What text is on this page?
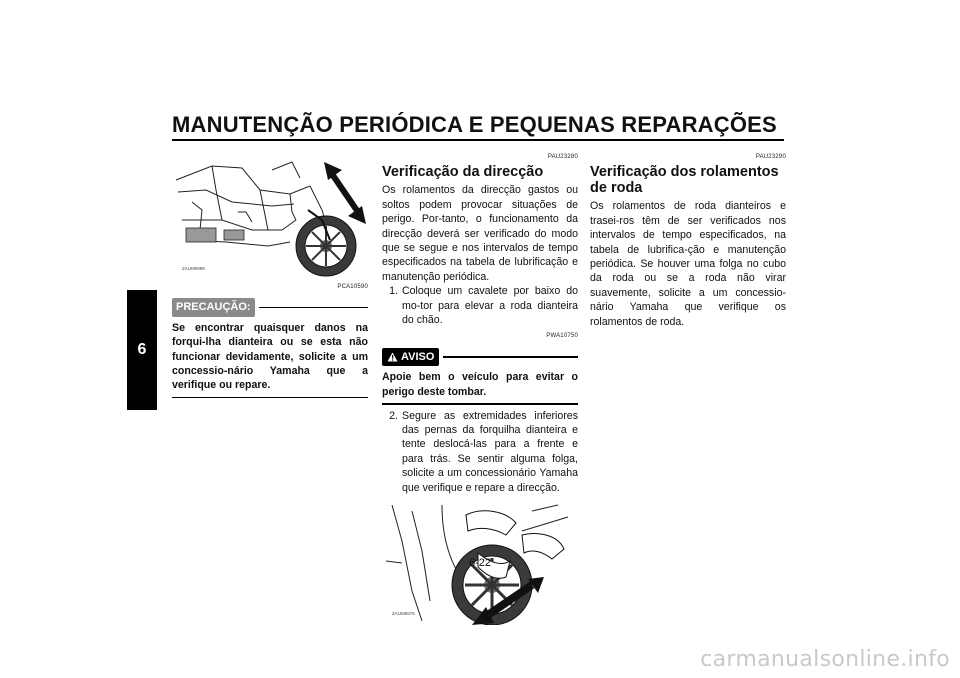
MANUTENÇÃO PERIÓDICA E PEQUENAS REPARAÇÕES
6
ZAUM0999
PCA10590
PRECAUÇÃO:
Se encontrar quaisquer danos na forqui-lha dianteira ou se esta não funcionar devidamente, solicite a um concessio-nário Yamaha que a verifique ou repare.
PAU23280
Verificação da direcção

Os rolamentos da direcção gastos ou soltos podem provocar situações de perigo. Por-tanto, o funcionamento da direcção deverá ser verificado do modo que se segue e nos intervalos de tempo especificados na tabela de lubrificação e manutenção periódica.

1. Coloque um cavalete por baixo do mo-tor para elevar a roda dianteira do chão.
PWA10750
AVISO
Apoie bem o veículo para evitar o perigo deste tombar.
2. Segure as extremidades inferiores das pernas da forquilha dianteira e tente deslocá-las para a frente e para trás. Se sentir alguma folga, solicite a um concessionário Yamaha que verifique e repare a direcção.
ZAUM0675
PAU23290
Verificação dos rolamentos de roda

Os rolamentos de roda dianteiros e trasei-ros têm de ser verificados nos intervalos de tempo especificados, na tabela de lubrifica-ção e manutenção periódica. Se houver uma folga no cubo da roda ou se a roda não virar suavemente, solicite a um concessio-nário Yamaha que verifique os rolamentos de roda.

6-22
carmanualsonline.info
